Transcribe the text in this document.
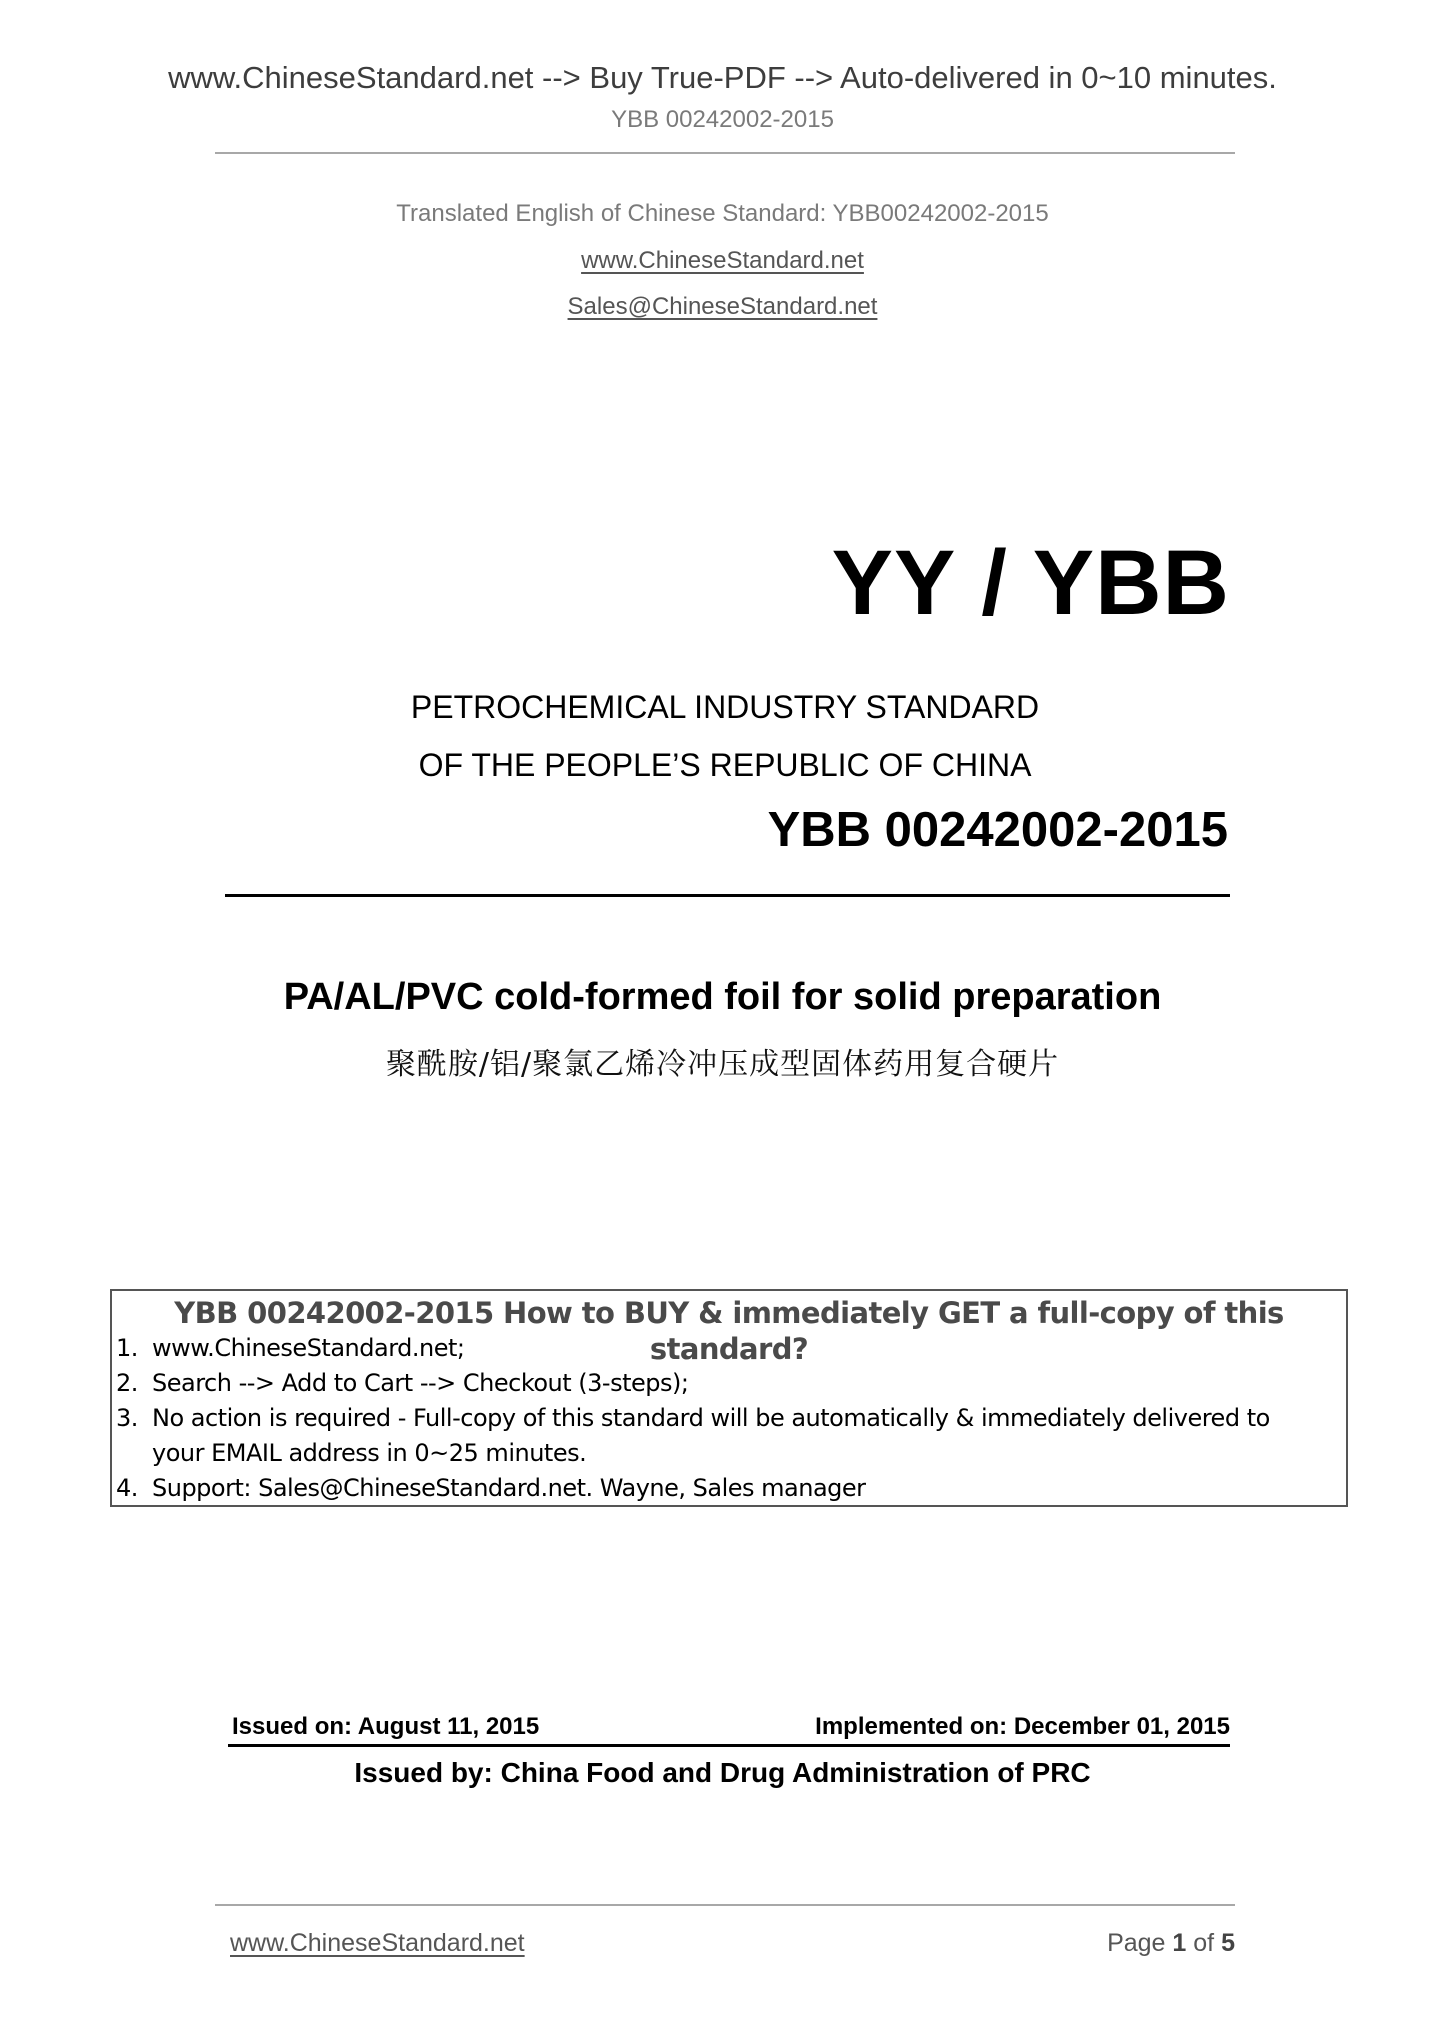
www.ChineseStandard.net --> Buy True-PDF --> Auto-delivered in 0~10 minutes.
YBB 00242002-2015
Translated English of Chinese Standard: YBB00242002-2015
www.ChineseStandard.net
Sales@ChineseStandard.net
YY / YBB
PETROCHEMICAL INDUSTRY STANDARD
OF THE PEOPLE’S REPUBLIC OF CHINA
YBB 00242002-2015
PA/AL/PVC cold-formed foil for solid preparation
聚酰胺/铝/聚氯乙烯冷冲压成型固体药用复合硬片
YBB 00242002-2015 How to BUY & immediately GET a full-copy of this standard?
1. www.ChineseStandard.net;
2. Search --> Add to Cart --> Checkout (3-steps);
3. No action is required - Full-copy of this standard will be automatically & immediately delivered to
your EMAIL address in 0~25 minutes.
4. Support: Sales@ChineseStandard.net. Wayne, Sales manager
Issued on: August 11, 2015	Implemented on: December 01, 2015
Issued by: China Food and Drug Administration of PRC
www.ChineseStandard.net	Page 1 of 5
